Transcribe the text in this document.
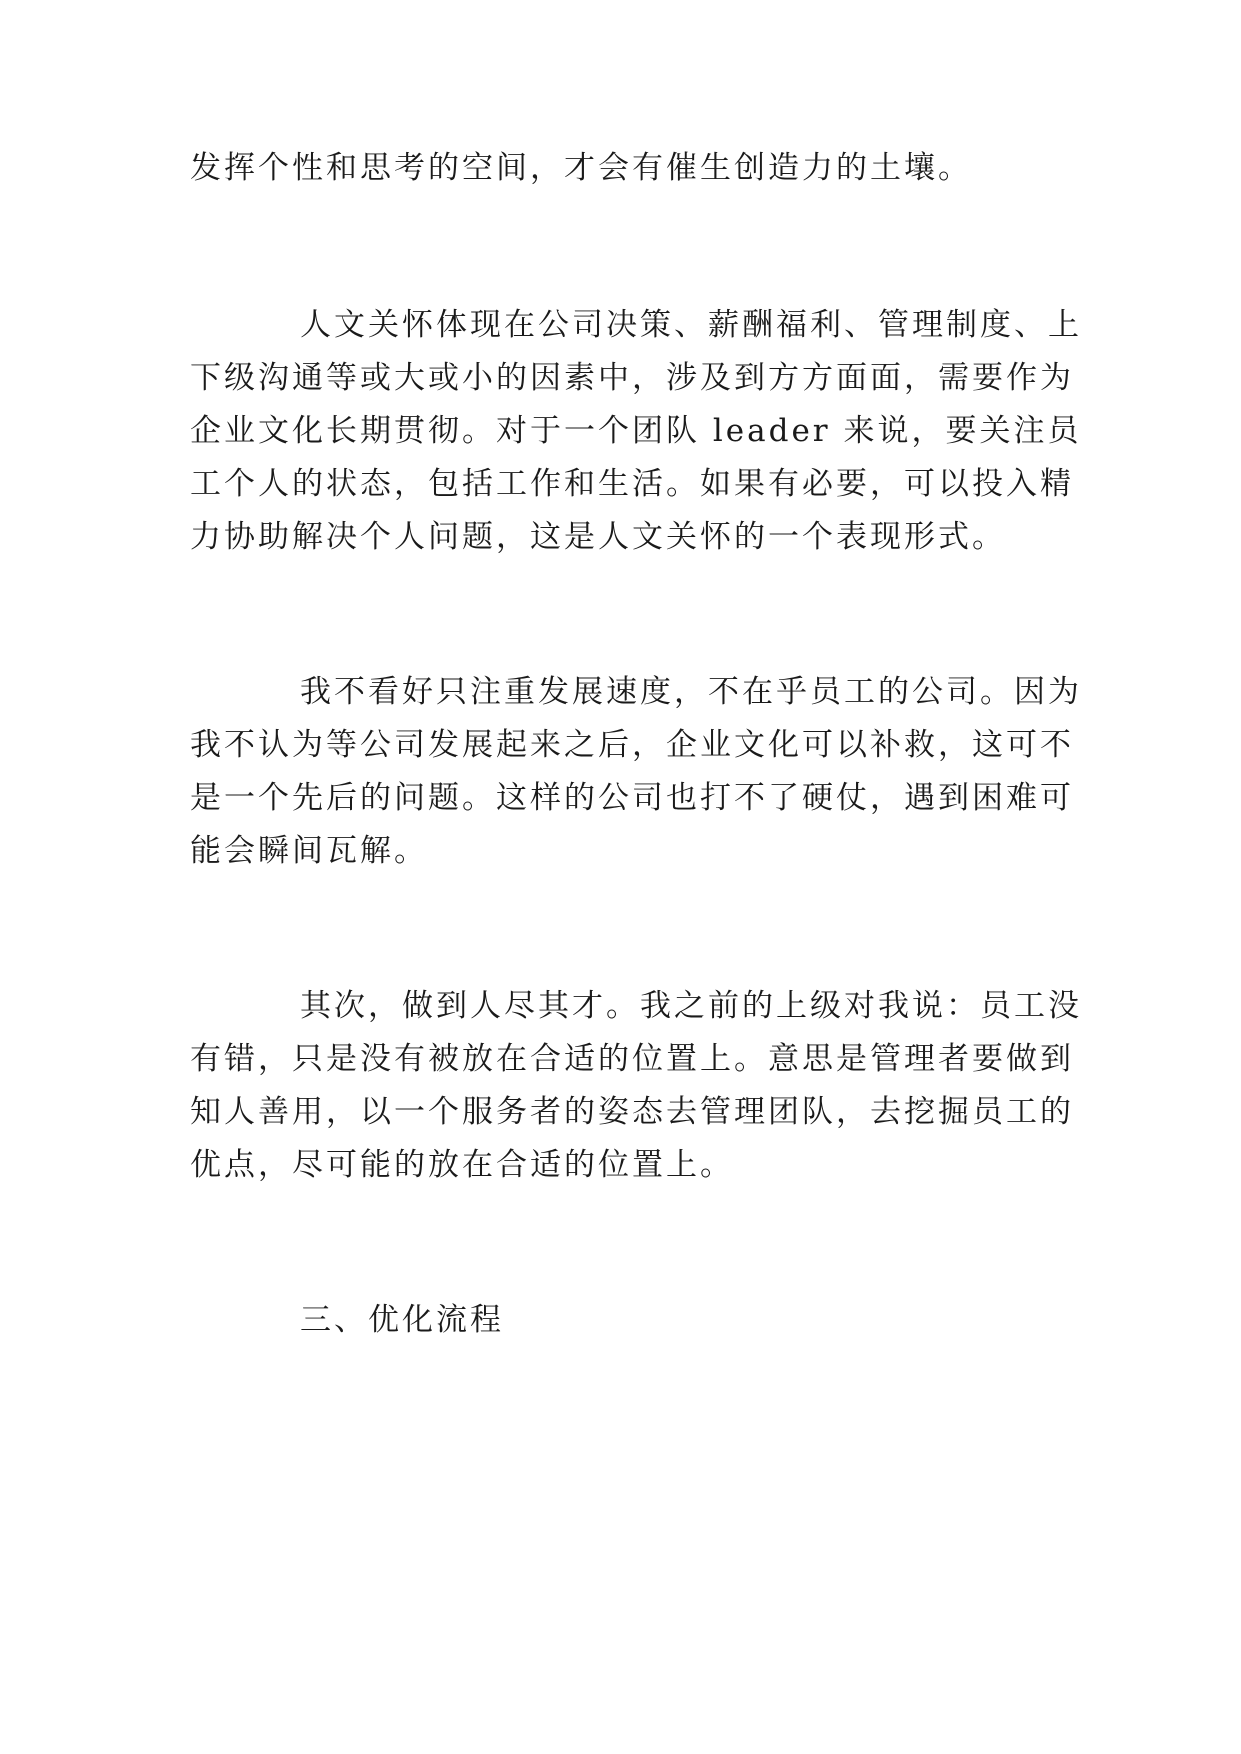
发挥个性和思考的空间，才会有催生创造力的土壤。
人文关怀体现在公司决策、薪酬福利、管理制度、上
下级沟通等或大或小的因素中，涉及到方方面面，需要作为
企业文化长期贯彻。对于一个团队 leader 来说，要关注员
工个人的状态，包括工作和生活。如果有必要，可以投入精
力协助解决个人问题，这是人文关怀的一个表现形式。
我不看好只注重发展速度，不在乎员工的公司。因为
我不认为等公司发展起来之后，企业文化可以补救，这可不
是一个先后的问题。这样的公司也打不了硬仗，遇到困难可
能会瞬间瓦解。
其次，做到人尽其才。我之前的上级对我说：员工没
有错，只是没有被放在合适的位置上。意思是管理者要做到
知人善用，以一个服务者的姿态去管理团队，去挖掘员工的
优点，尽可能的放在合适的位置上。
三、优化流程
